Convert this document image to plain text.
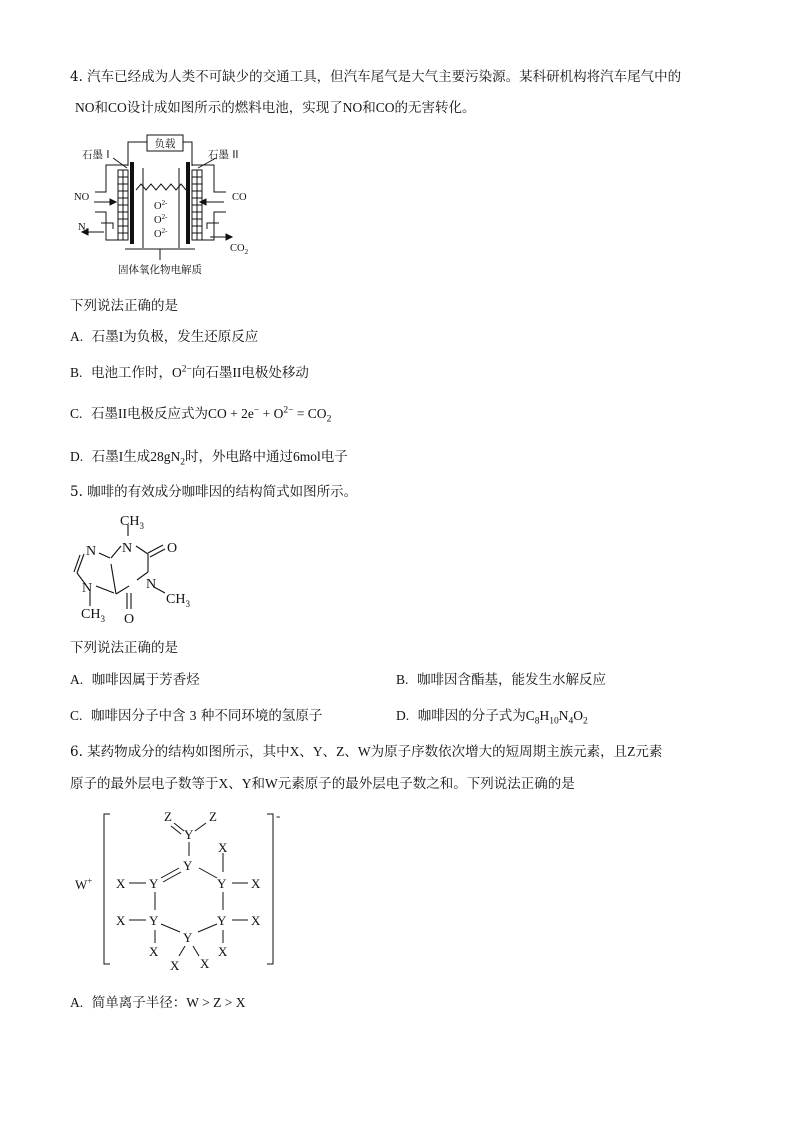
4. 汽车已经成为人类不可缺少的交通工具，但汽车尾气是大气主要污染源。某科研机构将汽车尾气中的
NO和CO设计成如图所示的燃料电池，实现了NO和CO的无害转化。
负载
石墨 I	石墨 II
NO
$N_2$
CO
$CO_2$
$O^{2-}$
$O^{2-}$
$O^{2-}$
固体氧化物电解质
下列说法正确的是
A. 石墨I为负极，发生还原反应
B. 电池工作时，$O^{2-}$向石墨II电极处移动
C. 石墨II电极反应式为CO + $2e^- + O^{2-} = CO_2$
D. 石墨I生成$28gN_2$时，外电路中通过6mol电子
5. 咖啡的有效成分咖啡因的结构简式如图所示。
N N
N
N
O
O
$CH_3$
$CH_3$
$CH_3$
下列说法正确的是
A. 咖啡因属于芳香烃	B. 咖啡因含酯基，能发生水解反应
C. 咖啡因分子中含 3 种不同环境的氢原子	D. 咖啡因的分子式为$C_8H_{10}N_4O_2$
6. 某药物成分的结构如图所示，其中X、Y、Z、W为原子序数依次增大的短周期主族元素，且Z元素
原子的最外层电子数等于X、Y和W元素原子的最外层电子数之和。下列说法正确的是
Z	Z
Y
Y
Y	Y
Y	Y
Y
X
X	X
X	X
X	X
X X
W+
-
A. 简单离子半径：W > Z > X
